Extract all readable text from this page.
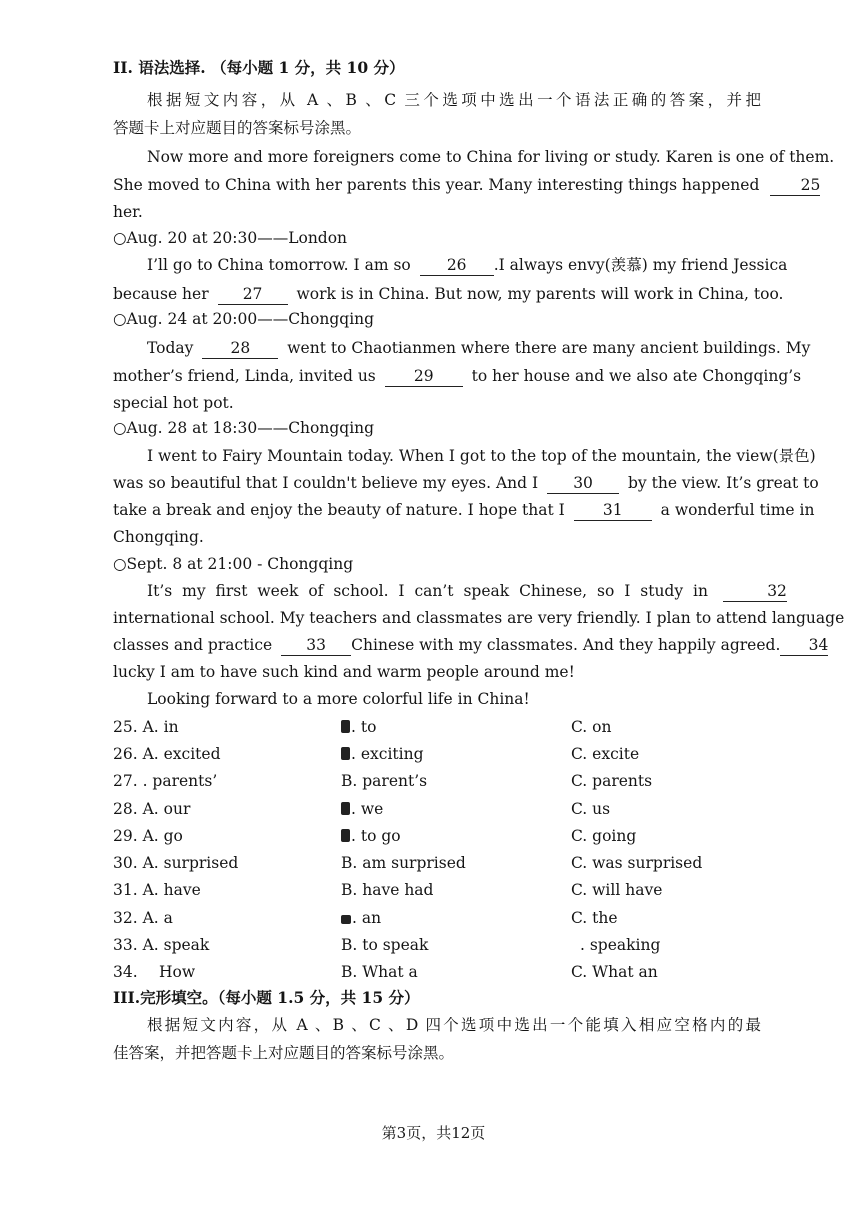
II. 语法选择. （每小题 1 分，共 10 分）
根据短文内容，从 A 、B 、C 三个选项中选出一个语法正确的答案，并把
答题卡上对应题目的答案标号涂黑。
Now more and more foreigners come to China for living or study. Karen is one of them.
She moved to China with her parents this year. Many interesting things happened	25
her.
○Aug. 20 at 20:30——London
I’ll go to China tomorrow. I am so 26 .I always envy(羡慕) my friend Jessica
because her 27 work is in China. But now, my parents will work in China, too.
○Aug. 24 at 20:00——Chongqing
Today 28 went to Chaotianmen where there are many ancient buildings. My
mother’s friend, Linda, invited us 29 to her house and we also ate Chongqing’s
special hot pot.
○Aug. 28 at 18:30——Chongqing
I went to Fairy Mountain today. When I got to the top of the mountain, the view(景色)
was so beautiful that I couldn't believe my eyes. And I 30 by the view. It’s great to
take a break and enjoy the beauty of nature. I hope that I 31 a wonderful time in
Chongqing.
○Sept. 8 at 21:00 - Chongqing
It’s my first week of school. I can’t speak Chinese, so I study in	32
international school. My teachers and classmates are very friendly. I plan to attend language
classes and practice 33 Chinese with my classmates. And they happily agreed. 34
lucky I am to have such kind and warm people around me!
Looking forward to a more colorful life in China!
25. A. in	. to	C. on
26. A. excited	. exciting	C. excite
27. . parents’	B. parent’s	C. parents
28. A. our	. we	C. us
29. A. go	. to go	C. going
30. A. surprised	B. am surprised	C. was surprised
31. A. have	B. have had	C. will have
32. A. a	. an	C. the
33. A. speak	B. to speak	. speaking
34. How	B. What a	C. What an
III.完形填空。（每小题 1.5 分，共 15 分）
根据短文内容，从 A 、B 、C 、D 四个选项中选出一个能填入相应空格内的最
佳答案，并把答题卡上对应题目的答案标号涂黑。
第3页，共12页
